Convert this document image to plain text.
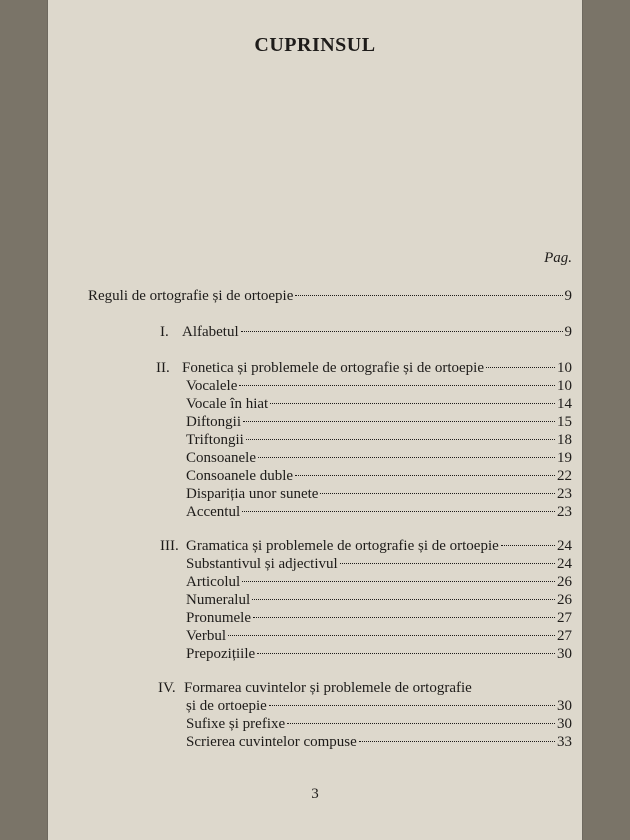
CUPRINSUL
Pag.
Reguli de ortografie și de ortoepie	9
I. Alfabetul	9
II. Fonetica și problemele de ortografie și de ortoepie	10
Vocalele	10
Vocale în hiat	14
Diftongii	15
Triftongii	18
Consoanele	19
Consoanele duble	22
Dispariția unor sunete	23
Accentul	23
III. Gramatica și problemele de ortografie și de ortoepie	24
Substantivul și adjectivul	24
Articolul	26
Numeralul	26
Pronumele	27
Verbul	27
Prepozițiile	30
IV. Formarea cuvintelor și problemele de ortografie
și de ortoepie	30
Sufixe și prefixe	30
Scrierea cuvintelor compuse	33
3
